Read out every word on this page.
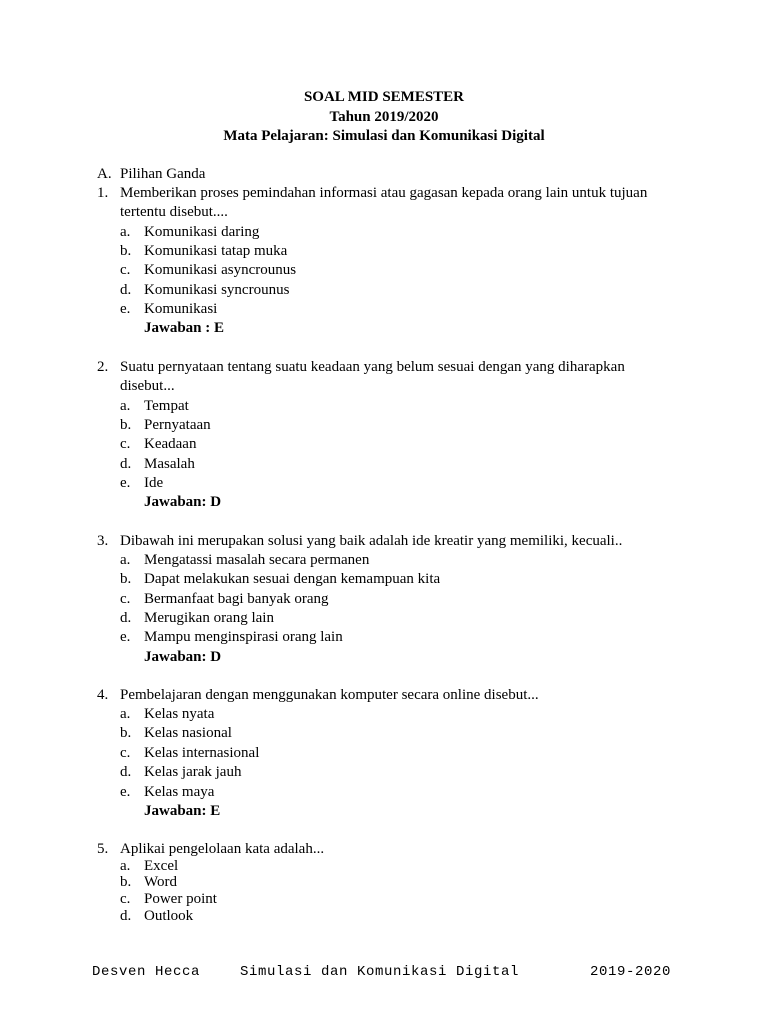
SOAL MID SEMESTER

Tahun 2019/2020

Mata Pelajaran: Simulasi dan Komunikasi Digital

A. Pilihan Ganda
1. Memberikan proses pemindahan informasi atau gagasan kepada orang lain untuk tujuan
tertentu disebut....
a. Komunikasi daring
b. Komunikasi tatap muka
c. Komunikasi asyncrounus
d. Komunikasi syncrounus
e. Komunikasi
Jawaban : E
2. Suatu pernyataan tentang suatu keadaan yang belum sesuai dengan yang diharapkan
disebut...
a. Tempat
b. Pernyataan
c. Keadaan
d. Masalah
e. Ide
Jawaban: D
3. Dibawah ini merupakan solusi yang baik adalah ide kreatir yang memiliki, kecuali..
a. Mengatassi masalah secara permanen
b. Dapat melakukan sesuai dengan kemampuan kita
c. Bermanfaat bagi banyak orang
d. Merugikan orang lain
e. Mampu menginspirasi orang lain
Jawaban: D
4. Pembelajaran dengan menggunakan komputer secara online disebut...
a. Kelas nyata
b. Kelas nasional
c. Kelas internasional
d. Kelas jarak jauh
e. Kelas maya
Jawaban: E
5. Aplikai pengelolaan kata adalah...
a. Excel
b. Word
c. Power point
d. Outlook
Desven Hecca	Simulasi dan Komunikasi Digital	2019-2020
